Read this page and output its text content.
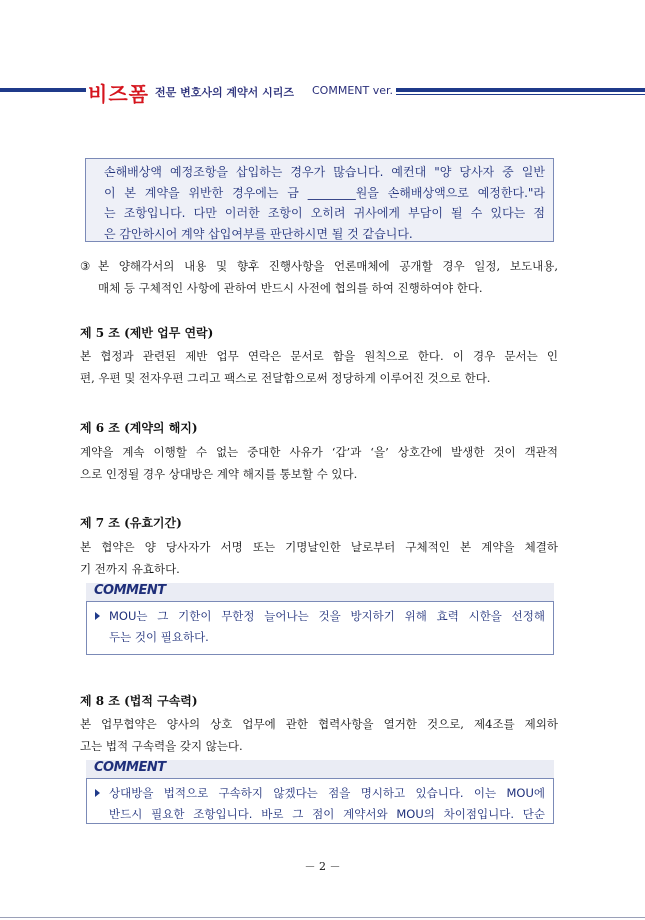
비즈폼 전문 변호사의 계약서 시리즈 COMMENT ver.

손해배상액 예정조항을 삽입하는 경우가 많습니다. 예컨대 "양 당사자 중 일반

이 본 계약을 위반한 경우에는 금 ________원을 손해배상액으로 예정한다."라

는 조항입니다. 다만 이러한 조항이 오히려 귀사에게 부담이 될 수 있다는 점

은 감안하시어 계약 삽입여부를 판단하시면 될 것 같습니다.

③ 본 양해각서의 내용 및 향후 진행사항을 언론매체에 공개할 경우 일정, 보도내용,
매체 등 구체적인 사항에 관하여 반드시 사전에 협의를 하여 진행하여야 한다.
제 5 조 (제반 업무 연락)
본 협정과 관련된 제반 업무 연락은 문서로 함을 원칙으로 한다. 이 경우 문서는 인
편, 우편 및 전자우편 그리고 팩스로 전달함으로써 정당하게 이루어진 것으로 한다.
제 6 조 (계약의 해지)
계약을 계속 이행할 수 없는 중대한 사유가 ‘갑’과 ‘을’ 상호간에 발생한 것이 객관적
으로 인정될 경우 상대방은 계약 해지를 통보할 수 있다.
제 7 조 (유효기간)
본 협약은 양 당사자가 서명 또는 기명날인한 날로부터 구체적인 본 계약을 체결하
기 전까지 유효하다.
COMMENT
MOU는 그 기한이 무한정 늘어나는 것을 방지하기 위해 효력 시한을 선정해
두는 것이 필요하다.
제 8 조 (법적 구속력)
본 업무협약은 양사의 상호 업무에 관한 협력사항을 열거한 것으로, 제4조를 제외하
고는 법적 구속력을 갖지 않는다.
COMMENT
상대방을 법적으로 구속하지 않겠다는 점을 명시하고 있습니다. 이는 MOU에
반드시 필요한 조항입니다. 바로 그 점이 계약서와 MOU의 차이점입니다. 단순
－ 2 －
